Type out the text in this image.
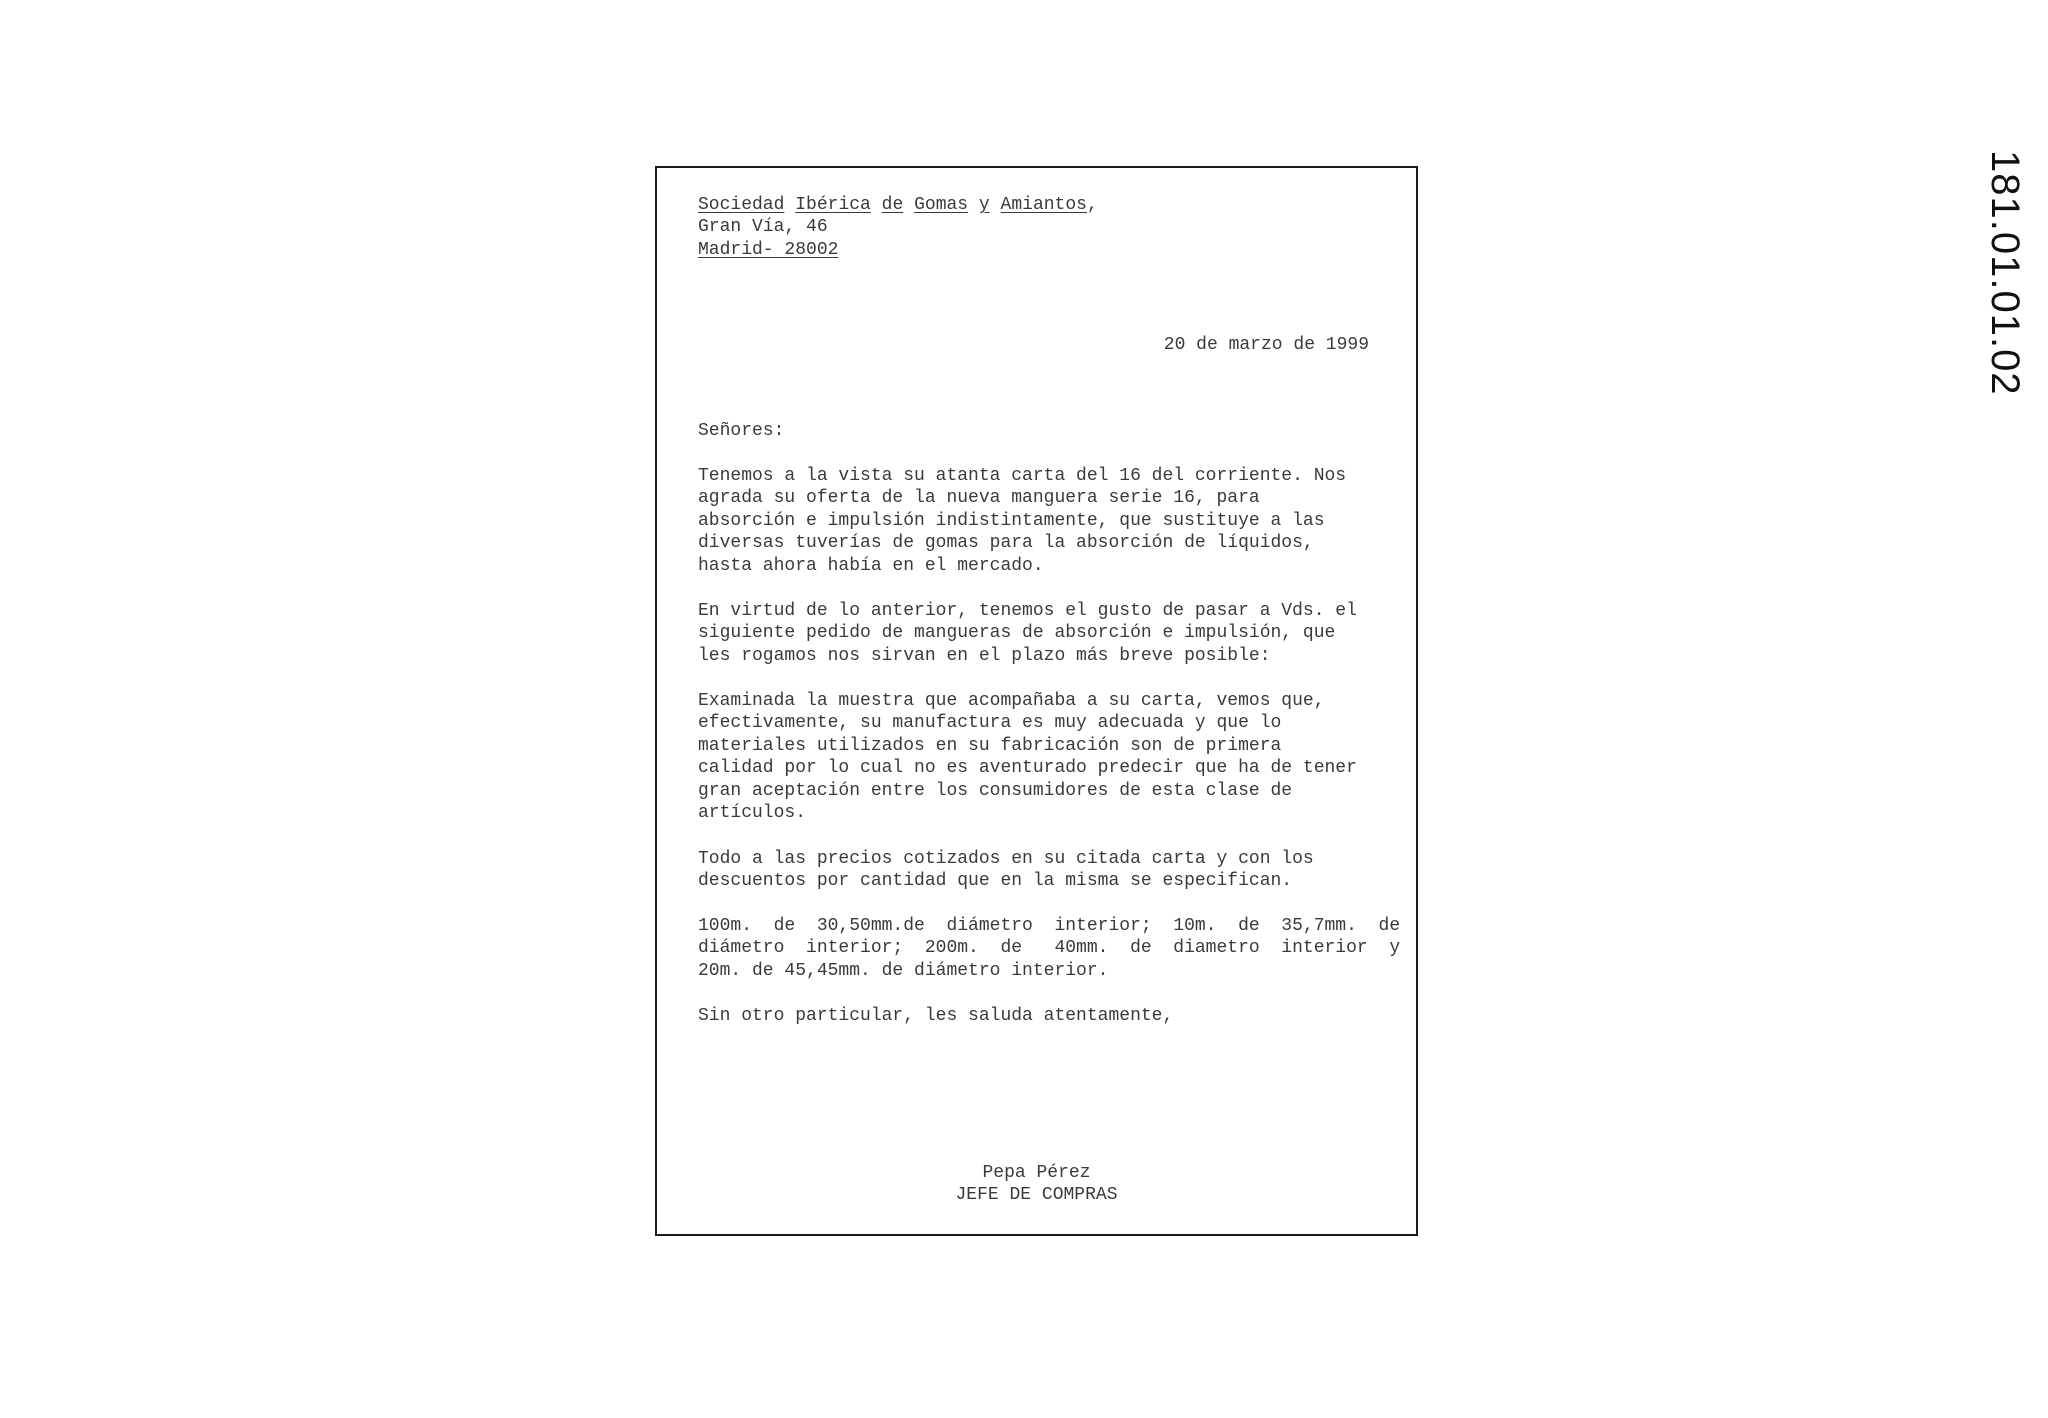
Sociedad Ibérica de Gomas y Amiantos,
Gran Vía, 46
Madrid- 28002
20 de marzo de 1999
Señores:
Tenemos a la vista su atanta carta del 16 del corriente. Nos
agrada su oferta de la nueva manguera serie 16, para
absorción e impulsión indistintamente, que sustituye a las
diversas tuverías de gomas para la absorción de líquidos,
hasta ahora había en el mercado.
En virtud de lo anterior, tenemos el gusto de pasar a Vds. el
siguiente pedido de mangueras de absorción e impulsión, que
les rogamos nos sirvan en el plazo más breve posible:
Examinada la muestra que acompañaba a su carta, vemos que,
efectivamente, su manufactura es muy adecuada y que lo
materiales utilizados en su fabricación son de primera
calidad por lo cual no es aventurado predecir que ha de tener
gran aceptación entre los consumidores de esta clase de
artículos.
Todo a las precios cotizados en su citada carta y con los
descuentos por cantidad que en la misma se especifican.
100m.  de  30,50mm.de  diámetro  interior;  10m.  de  35,7mm.  de
diámetro  interior;  200m.  de   40mm.  de  diametro  interior  y
20m. de 45,45mm. de diámetro interior.
Sin otro particular, les saluda atentamente,
Pepa Pérez
JEFE DE COMPRAS
181.01.01.02
